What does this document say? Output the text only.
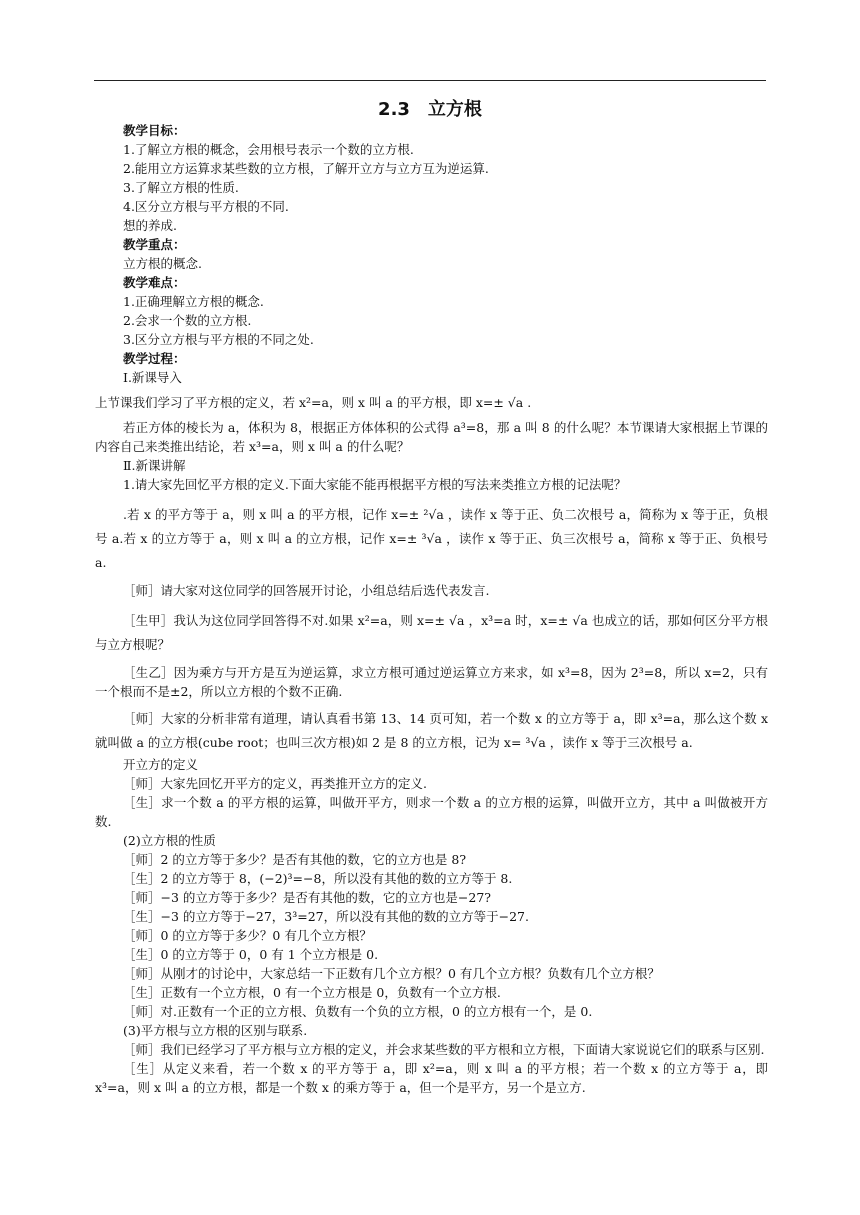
2.3　立方根

教学目标：

1.了解立方根的概念，会用根号表示一个数的立方根.

2.能用立方运算求某些数的立方根，了解开立方与立方互为逆运算.

3.了解立方根的性质.

4.区分立方根与平方根的不同.

想的养成.

教学重点：

立方根的概念.

教学难点：

1.正确理解立方根的概念.

2.会求一个数的立方根.

3.区分立方根与平方根的不同之处.

教学过程：

Ⅰ.新课导入

上节课我们学习了平方根的定义，若 x²=a，则 x 叫 a 的平方根，即 x=± √a .

若正方体的棱长为 a，体积为 8，根据正方体体积的公式得 a³=8，那 a 叫 8 的什么呢？本节课请大家根据上节课的内容自己来类推出结论，若 x³=a，则 x 叫 a 的什么呢？

Ⅱ.新课讲解

1.请大家先回忆平方根的定义.下面大家能不能再根据平方根的写法来类推立方根的记法呢？

.若 x 的平方等于 a，则 x 叫 a 的平方根，记作 x=± ²√a ，读作 x 等于正、负二次根号 a，简称为 x 等于正，负根号 a.若 x 的立方等于 a，则 x 叫 a 的立方根，记作 x=± ³√a ，读作 x 等于正、负三次根号 a，简称 x 等于正、负根号 a.

［师］请大家对这位同学的回答展开讨论，小组总结后选代表发言.

［生甲］我认为这位同学回答得不对.如果 x²=a，则 x=± √a ，x³=a 时，x=± √a 也成立的话，那如何区分平方根与立方根呢？

［生乙］因为乘方与开方是互为逆运算，求立方根可通过逆运算立方来求，如 x³=8，因为 2³=8，所以 x=2，只有一个根而不是±2，所以立方根的个数不正确.

［师］大家的分析非常有道理，请认真看书第 13、14 页可知，若一个数 x 的立方等于 a，即 x³=a，那么这个数 x 就叫做 a 的立方根(cube root；也叫三次方根)如 2 是 8 的立方根，记为 x= ³√a ，读作 x 等于三次根号 a.

开立方的定义

［师］大家先回忆开平方的定义，再类推开立方的定义.

［生］求一个数 a 的平方根的运算，叫做开平方，则求一个数 a 的立方根的运算，叫做开立方，其中 a 叫做被开方数.

(2)立方根的性质

［师］2 的立方等于多少？是否有其他的数，它的立方也是 8?

［生］2 的立方等于 8，(−2)³=−8，所以没有其他的数的立方等于 8.

［师］−3 的立方等于多少？是否有其他的数，它的立方也是−27?

［生］−3 的立方等于−27，3³=27，所以没有其他的数的立方等于−27.

［师］0 的立方等于多少？0 有几个立方根？

［生］0 的立方等于 0，0 有 1 个立方根是 0.

［师］从刚才的讨论中，大家总结一下正数有几个立方根？0 有几个立方根？负数有几个立方根？

［生］正数有一个立方根，0 有一个立方根是 0，负数有一个立方根.

［师］对.正数有一个正的立方根、负数有一个负的立方根，0 的立方根有一个，是 0.

(3)平方根与立方根的区别与联系.

［师］我们已经学习了平方根与立方根的定义，并会求某些数的平方根和立方根，下面请大家说说它们的联系与区别.

［生］从定义来看，若一个数 x 的平方等于 a，即 x²=a，则 x 叫 a 的平方根；若一个数 x 的立方等于 a，即 x³=a，则 x 叫 a 的立方根，都是一个数 x 的乘方等于 a，但一个是平方，另一个是立方.
